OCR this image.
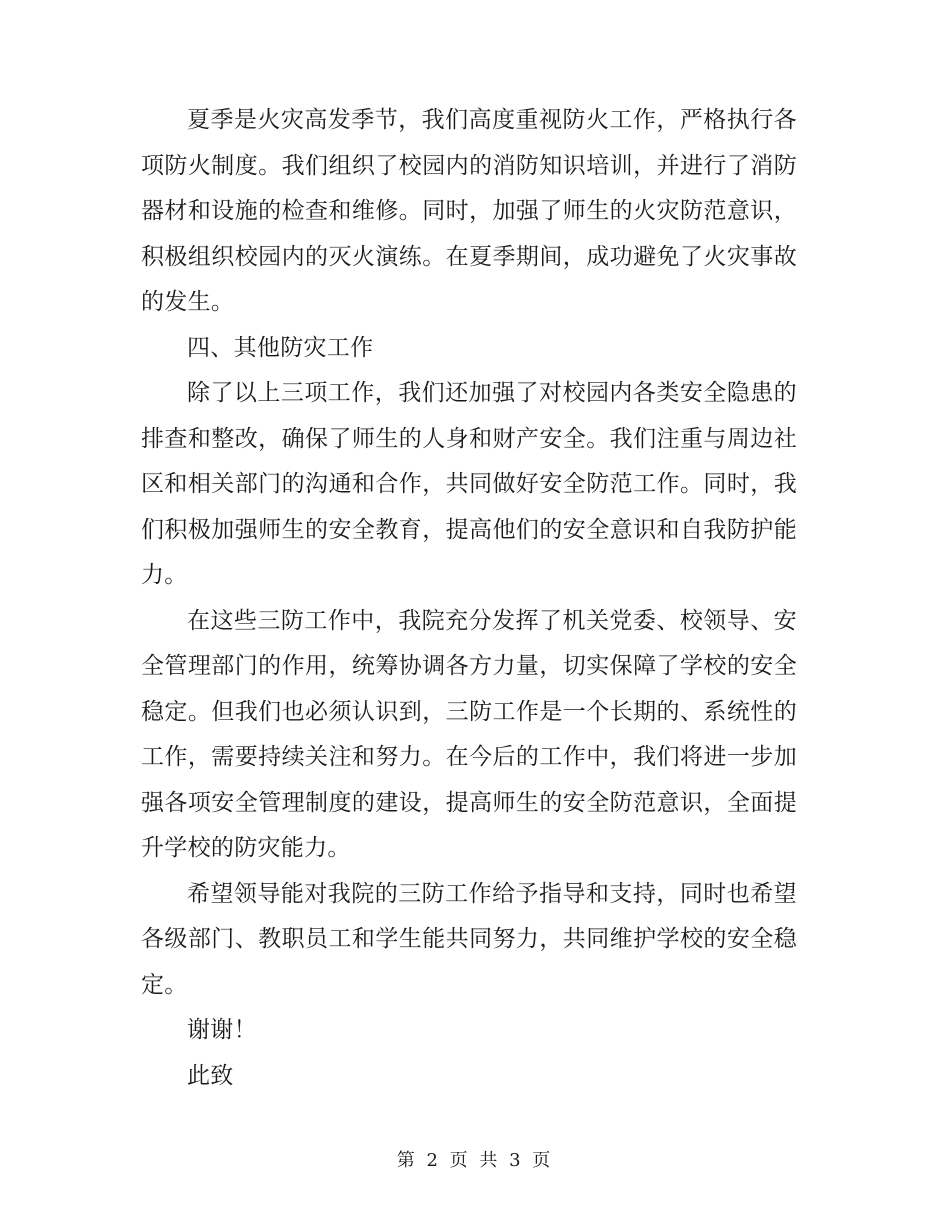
夏季是火灾高发季节，我们高度重视防火工作，严格执行各项防火制度。我们组织了校园内的消防知识培训，并进行了消防器材和设施的检查和维修。同时，加强了师生的火灾防范意识，积极组织校园内的灭火演练。在夏季期间，成功避免了火灾事故的发生。

四、其他防灾工作

除了以上三项工作，我们还加强了对校园内各类安全隐患的排查和整改，确保了师生的人身和财产安全。我们注重与周边社区和相关部门的沟通和合作，共同做好安全防范工作。同时，我们积极加强师生的安全教育，提高他们的安全意识和自我防护能力。

在这些三防工作中，我院充分发挥了机关党委、校领导、安全管理部门的作用，统筹协调各方力量，切实保障了学校的安全稳定。但我们也必须认识到，三防工作是一个长期的、系统性的工作，需要持续关注和努力。在今后的工作中，我们将进一步加强各项安全管理制度的建设，提高师生的安全防范意识，全面提升学校的防灾能力。

希望领导能对我院的三防工作给予指导和支持，同时也希望各级部门、教职员工和学生能共同努力，共同维护学校的安全稳定。

谢谢！

此致

第 2 页 共 3 页
